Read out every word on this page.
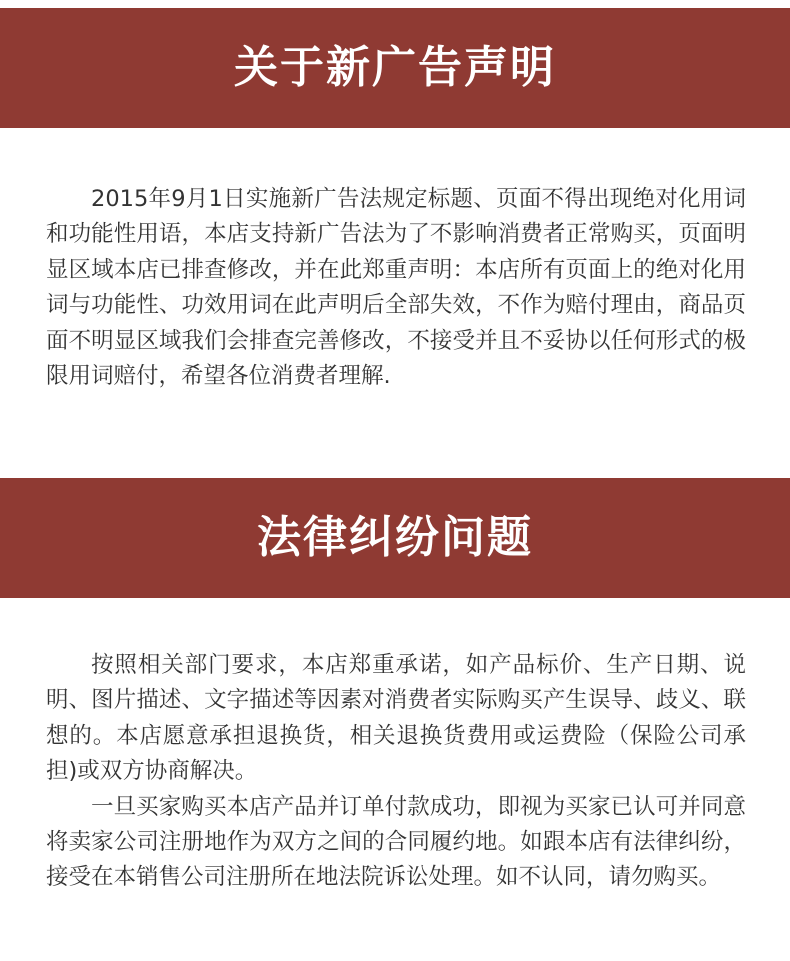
关于新广告声明

2015年9月1日实施新广告法规定标题、页面不得出现绝对化用词和功能性用语，本店支持新广告法为了不影响消费者正常购买，页面明显区域本店已排查修改，并在此郑重声明：本店所有页面上的绝对化用词与功能性、功效用词在此声明后全部失效，不作为赔付理由，商品页面不明显区域我们会排查完善修改，不接受并且不妥协以任何形式的极限用词赔付，希望各位消费者理解.

法律纠纷问题

按照相关部门要求，本店郑重承诺，如产品标价、生产日期、说明、图片描述、文字描述等因素对消费者实际购买产生误导、歧义、联想的。本店愿意承担退换货，相关退换货费用或运费险（保险公司承担)或双方协商解决。

一旦买家购买本店产品并订单付款成功，即视为买家已认可并同意将卖家公司注册地作为双方之间的合同履约地。如跟本店有法律纠纷，接受在本销售公司注册所在地法院诉讼处理。如不认同，请勿购买。
